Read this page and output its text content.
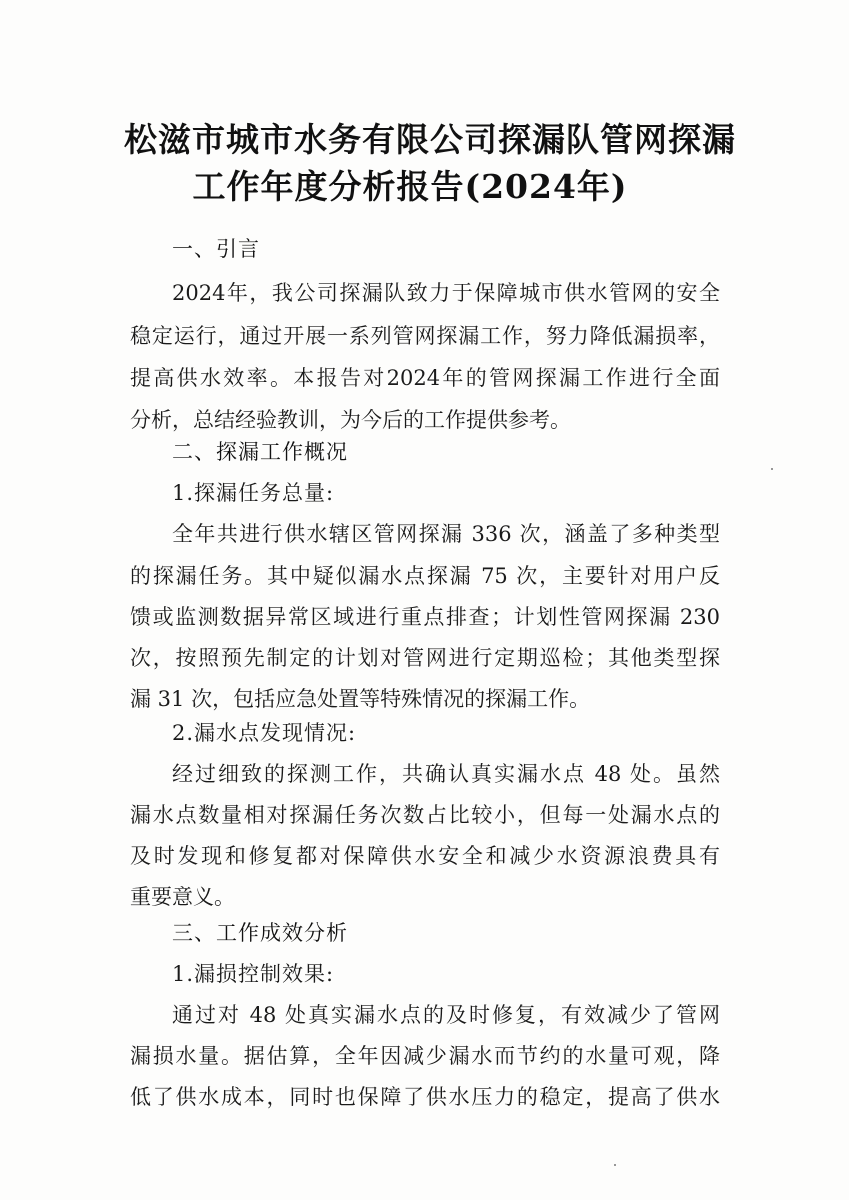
松滋市城市水务有限公司探漏队管网探漏
工作年度分析报告(2024年)
一、引言
2024年，我公司探漏队致力于保障城市供水管网的安全
稳定运行，通过开展一系列管网探漏工作，努力降低漏损率，
提高供水效率。本报告对2024年的管网探漏工作进行全面
分析，总结经验教训，为今后的工作提供参考。
二、探漏工作概况
1.探漏任务总量:
全年共进行供水辖区管网探漏 336 次，涵盖了多种类型
的探漏任务。其中疑似漏水点探漏 75 次，主要针对用户反
馈或监测数据异常区域进行重点排查；计划性管网探漏 230
次，按照预先制定的计划对管网进行定期巡检；其他类型探
漏 31 次，包括应急处置等特殊情况的探漏工作。
2.漏水点发现情况:
经过细致的探测工作，共确认真实漏水点 48 处。虽然
漏水点数量相对探漏任务次数占比较小，但每一处漏水点的
及时发现和修复都对保障供水安全和减少水资源浪费具有
重要意义。
三、工作成效分析
1.漏损控制效果:
通过对 48 处真实漏水点的及时修复，有效减少了管网
漏损水量。据估算，全年因减少漏水而节约的水量可观，降
低了供水成本，同时也保障了供水压力的稳定，提高了供水
